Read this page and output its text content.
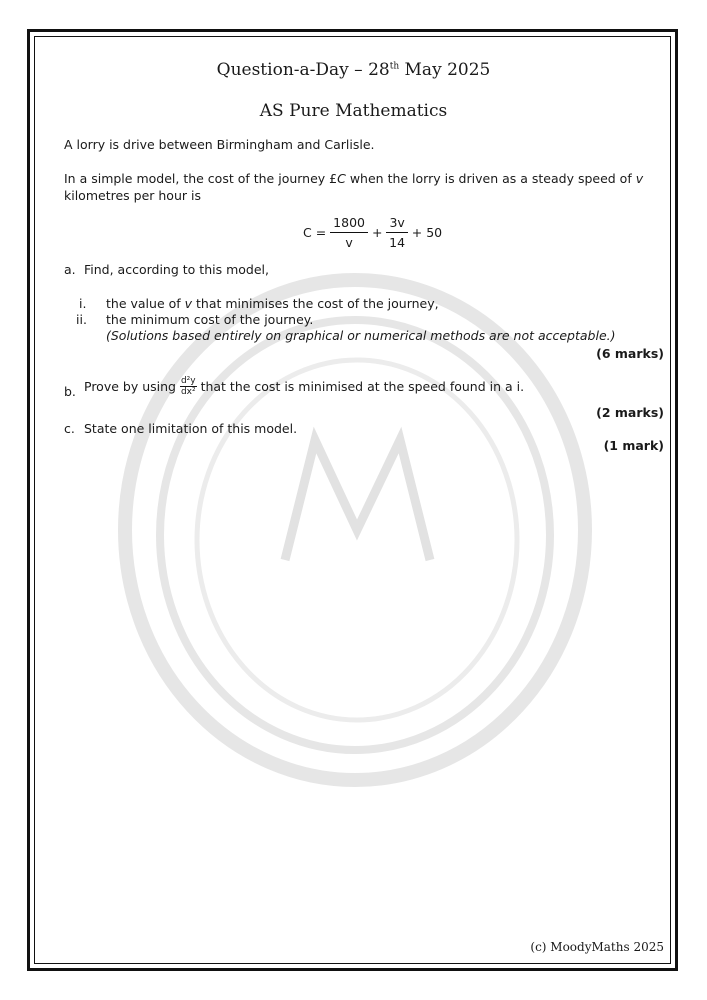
Question-a-Day – 28th May 2025
AS Pure Mathematics
A lorry is drive between Birmingham and Carlisle.
In a simple model, the cost of the journey £C when the lorry is driven as a steady speed of v
kilometres per hour is
$C = \frac{1800}{v} + \frac{3v}{14} + 50$
a. Find, according to this model,
i. the value of v that minimises the cost of the journey,
ii. the minimum cost of the journey.
(Solutions based entirely on graphical or numerical methods are not acceptable.)
(6 marks)
b. Prove by using $\frac{\text{d²y}}{\text{dx²}}$ that the cost is minimised at the speed found in a i.
(2 marks)
c. State one limitation of this model.
(1 mark)
(c) MoodyMaths 2025
